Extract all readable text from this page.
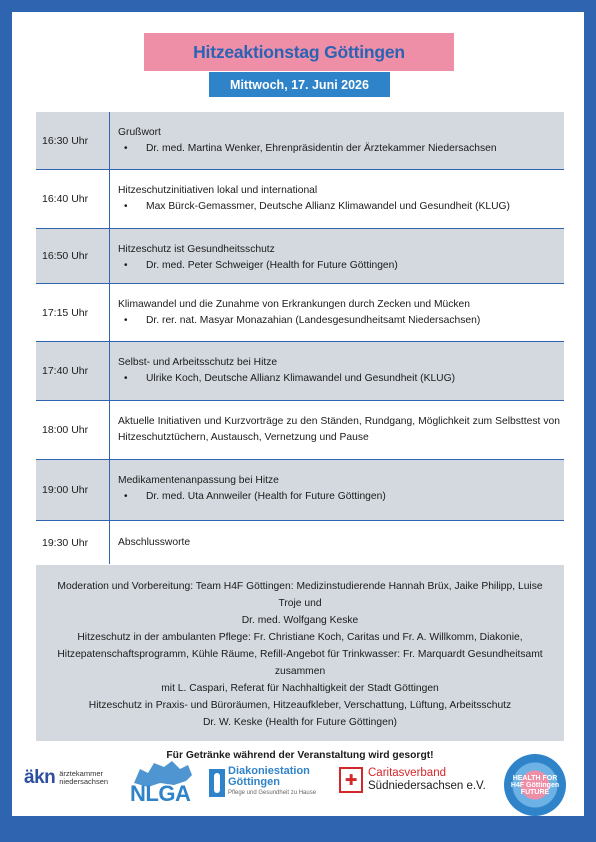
Hitzeaktionstag Göttingen
Mittwoch, 17. Juni 2026
16:30 Uhr
Grußwort
• Dr. med. Martina Wenker, Ehrenpräsidentin der Ärztekammer Niedersachsen
16:40 Uhr
Hitzeschutzinitiativen lokal und international
• Max Bürck-Gemassmer, Deutsche Allianz Klimawandel und Gesundheit (KLUG)
16:50 Uhr
Hitzeschutz ist Gesundheitsschutz
• Dr. med. Peter Schweiger (Health for Future Göttingen)
17:15 Uhr
Klimawandel und die Zunahme von Erkrankungen durch Zecken und Mücken
• Dr. rer. nat. Masyar Monazahian (Landesgesundheitsamt Niedersachsen)
17:40 Uhr
Selbst- und Arbeitsschutz bei Hitze
• Ulrike Koch, Deutsche Allianz Klimawandel und Gesundheit (KLUG)
18:00 Uhr
Aktuelle Initiativen und Kurzvorträge zu den Ständen, Rundgang, Möglichkeit zum Selbsttest von Hitzeschutztüchern, Austausch, Vernetzung und Pause
19:00 Uhr
Medikamentenanpassung bei Hitze
• Dr. med. Uta Annweiler (Health for Future Göttingen)
19:30 Uhr	Abschlussworte
Moderation und Vorbereitung: Team H4F Göttingen: Medizinstudierende Hannah Brüx, Jaike Philipp, Luise Troje und
Dr. med. Wolfgang Keske
Hitzeschutz in der ambulanten Pflege: Fr. Christiane Koch, Caritas und Fr. A. Willkomm, Diakonie,
Hitzepatenschaftsprogramm, Kühle Räume, Refill-Angebot für Trinkwasser: Fr. Marquardt Gesundheitsamt zusammen
mit L. Caspari, Referat für Nachhaltigkeit der Stadt Göttingen
Hitzeschutz in Praxis- und Büroräumen, Hitzeaufkleber, Verschattung, Lüftung, Arbeitsschutz
Dr. W. Keske (Health for Future Göttingen)
Für Getränke während der Veranstaltung wird gesorgt!
äkn ärztekammer
niedersachsen NLGA
Diakoniestation
Göttingen
Pflege und Gesundheit zu Hause
✚ Caritasverband
Südniedersachsen e.V.
HEALTH FOR
H4F Göttingen
FUTURE
